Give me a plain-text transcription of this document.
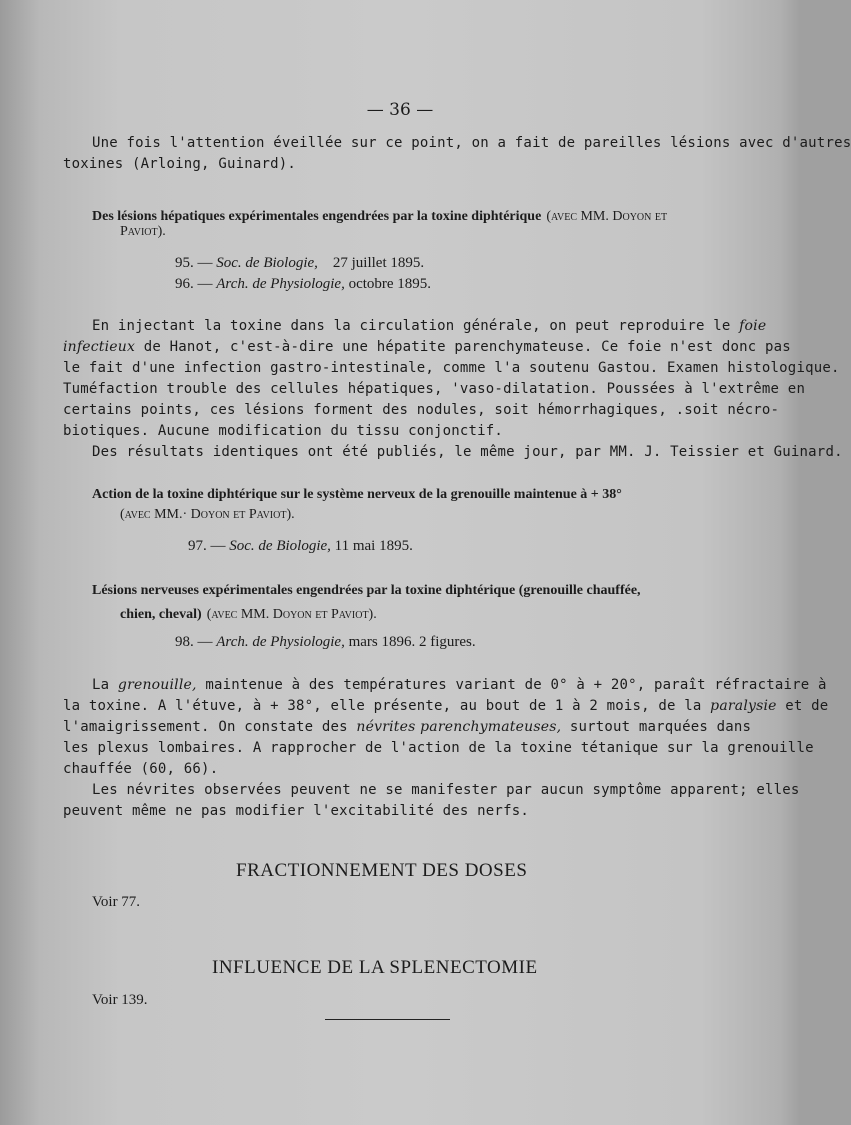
— 36 —
Une fois l'attention éveillée sur ce point, on a fait de pareilles lésions avec d'autres
toxines (Arloing, Guinard).
Des lésions hépatiques expérimentales engendrées par la toxine diphtérique (avec MM. Doyon et
Paviot).
95. — Soc. de Biologie, 27 juillet 1895.
96. — Arch. de Physiologie, octobre 1895.
En injectant la toxine dans la circulation générale, on peut reproduire le foie
infectieux de Hanot, c'est-à-dire une hépatite parenchymateuse. Ce foie n'est donc pas
le fait d'une infection gastro-intestinale, comme l'a soutenu Gastou. Examen histologique.
Tuméfaction trouble des cellules hépatiques, 'vaso-dilatation. Poussées à l'extrême en
certains points, ces lésions forment des nodules, soit hémorrhagiques, .soit nécro-
biotiques. Aucune modification du tissu conjonctif.
Des résultats identiques ont été publiés, le même jour, par MM. J. Teissier et Guinard.
Action de la toxine diphtérique sur le système nerveux de la grenouille maintenue à + 38°
(avec MM.· Doyon et Paviot).
97. — Soc. de Biologie, 11 mai 1895.
Lésions nerveuses expérimentales engendrées par la toxine diphtérique (grenouille chauffée,
chien, cheval) (avec MM. Doyon et Paviot).
98. — Arch. de Physiologie, mars 1896. 2 figures.
La grenouille, maintenue à des températures variant de 0° à + 20°, paraît réfractaire à
la toxine. A l'étuve, à + 38°, elle présente, au bout de 1 à 2 mois, de la paralysie et de
l'amaigrissement. On constate des névrites parenchymateuses, surtout marquées dans
les plexus lombaires. A rapprocher de l'action de la toxine tétanique sur la grenouille
chauffée (60, 66).
Les névrites observées peuvent ne se manifester par aucun symptôme apparent; elles
peuvent même ne pas modifier l'excitabilité des nerfs.
FRACTIONNEMENT DES DOSES
Voir 77.
INFLUENCE DE LA SPLENECTOMIE
Voir 139.
